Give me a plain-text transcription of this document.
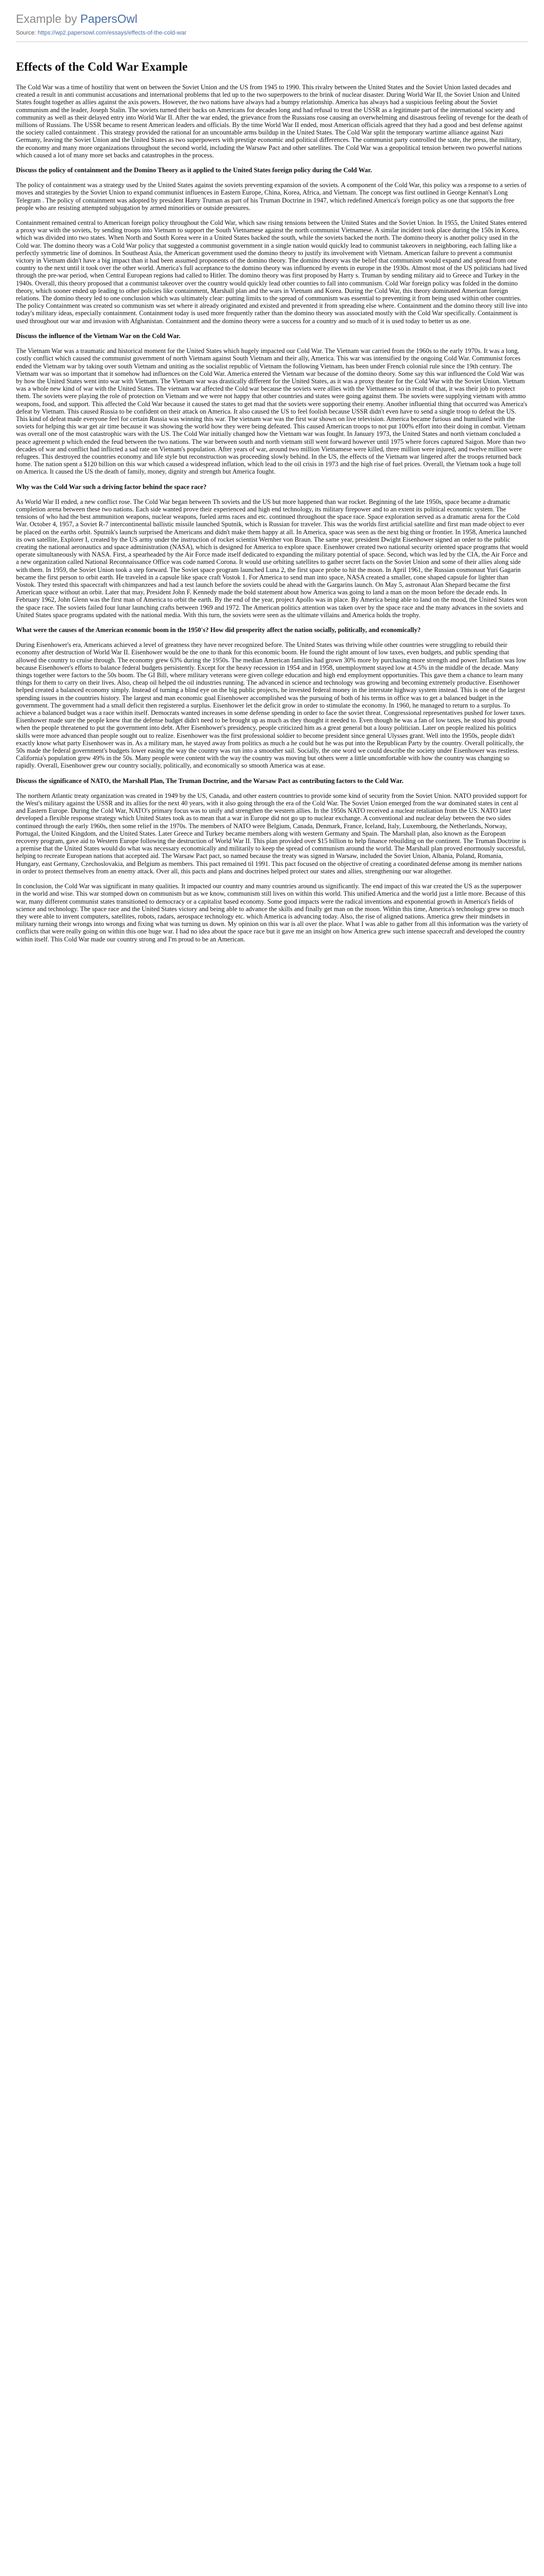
Example by PapersOwl
Source: https://wp2.papersowl.com/essays/effects-of-the-cold-war
Effects of the Cold War Example

The Cold War was a time of hostility that went on between the Soviet Union and the US from 1945 to 1990. This rivalry between the United States and the Soviet Union lasted decades and created a result in anti communist accusations and international problems that led up to the two superpowers to the brink of nuclear disaster. During World War II, the Soviet Union and United States fought together as allies against the axis powers. However, the two nations have always had a bumpy relationship. America has always had a suspicious feeling about the Soviet communism and the leader, Joseph Stalin. The soviets turned their backs on Americans for decades long and had refusal to treat the USSR as a legitimate part of the international society and community as well as their delayed entry into World War II. After the war ended, the grievance from the Russians rose causing an overwhelming and disastrous feeling of revenge for the death of millions of Russians. The USSR became to resent American leaders and officials. By the time World War II ended, most American officials agreed that they had a good and best defense against the society called containment . This strategy provided the rational for an uncountable arms buildup in the United States. The Cold War split the temporary wartime alliance against Nazi Germany, leaving the Soviet Union and the United States as two superpowers with prestige economic and political differences. The communist party controlled the state, the press, the military, the economy and many more organizations throughout the second world, including the Warsaw Pact and other satellites. The Cold War was a geopolitical tension between two powerful nations which caused a lot of many more set backs and catastrophes in the process.

Discuss the policy of containment and the Domino Theory as it applied to the United States foreign policy during the Cold War.

The policy of containment was a strategy used by the United States against the soviets preventing expansion of the soviets. A component of the Cold War, this policy was a response to a series of moves and strategies by the Soviet Union to expand communist influences in Eastern Europe, China, Korea, Africa, and Vietnam. The concept was first outlined in George Kennan's Long Telegram . The policy of containment was adopted by president Harry Truman as part of his Truman Doctrine in 1947, which redefined America's foreign policy as one that supports the free people who are resisting attempted subjugation by armed minorities or outside pressures.

Containment remained central to American foreign policy throughout the Cold War, which saw rising tensions between the United States and the Soviet Union. In 1955, the United States entered a proxy war with the soviets, by sending troops into Vietnam to support the South Vietnamese against the north communist Vietnamese. A similar incident took place during the 150s in Korea, which was divided into two states. When North and South Korea were in a United States backed the south, while the soviets backed the north. The domino theory is another policy used in the Cold war. The domino theory was a Cold War policy that suggested a communist government in a single nation would quickly lead to communist takeovers in neighboring, each falling like a perfectly symmetric line of dominos. In Southeast Asia, the American government used the domino theory to justify its involvement with Vietnam. American failure to prevent a communist victory in Vietnam didn't have a big impact than it had been assumed proponents of the domino theory. The domino theory was the belief that communism would expand and spread from one country to the next until it took over the other world. America's full acceptance to the domino theory was influenced by events in europe in the 1930s. Almost most of the US politicians had lived through the pre-war period, when Central European regions had called to Hitler. The domino theory was first proposed by Harry s. Truman by sending military aid to Greece and Turkey in the 1940s. Overall, this theory proposed that a communist takeover over the country would quickly lead other counties to fall into communism. Cold War foreign policy was folded in the domino theory, which sooner ended up leading to other policies like containment, Marshall plan and the wars in Vietnam and Korea. During the Cold War, this theory dominated American foreign relations. The domino theory led to one conclusion which was ultimately clear: putting limits to the spread of communism was essential to preventing it from being used within other countries. The policy Containment was created so communism was set where it already originated and existed and prevented it from spreading else where. Containment and the domino theory still live into today's military ideas, especially containment. Containment today is used more frequently rather than the domino theory was associated mostly with the Cold War specifically. Containment is used throughout our war and invasion with Afghanistan. Containment and the domino theory were a success for a country and so much of it is used today to better us as one.

Discuss the influence of the Vietnam War on the Cold War.

The Vietnam War was a traumatic and historical moment for the United States which hugely impacted our Cold War. The Vietnam war carried from the 1960s to the early 1970s. It was a long, costly conflict which caused the communist government of north Vietnam against South Vietnam and their ally, America. This war was intensified by the ongoing Cold War. Communist forces ended the Vietnam war by taking over south Vietnam and uniting as the socialist republic of Vietnam the following Vietnam, has been under French colonial rule since the 19th century. The Vietnam war was so important that it somehow had influences on the Cold War. America entered the Vietnam war because of the domino theory. Some say this war influenced the Cold War was by how the United States went into war with Vietnam. The Vietnam war was drastically different for the United States, as it was a proxy theater for the Cold War with the Soviet Union. Vietnam was a whole new kind of war with the United States. The vietnam war affected the Cold war because the soviets were allies with the Vietnamese so in result of that, it was their job to protect them. The soviets were playing the role of protection on Vietnam and we were not happy that other countries and states were going against them. The soviets were supplying vietnam with ammo weapons, food, and support. This affected the Cold War because it caused the states to get mad that the soviets were supporting their enemy. Another influential thing that occurred was America's defeat by Vietnam. This caused Russia to be confident on their attack on America. It also caused the US to feel foolish because USSR didn't even have to send a single troop to defeat the US. This kind of defeat made everyone feel for certain Russia was winning this war. The vietnam war was the first war shown on live television. America became furious and humiliated with the soviets for helping this war get air time because it was showing the world how they were being defeated. This caused American troops to not put 100% effort into their doing in combat. Vietnam was overall one of the most catastrophic wars with the US. The Cold War initially changed how the Vietnam war was fought. In January 1973, the United States and north vietnam concluded a peace agreement p which ended the feud between the two nations. The war between south and north vietnam still went forward however until 1975 where forces captured Saigon. More than two decades of war and conflict had inflicted a sad rate on Vietnam's population. After years of war, around two million Vietnamese were killed, three million were injured, and twelve million were refugees. This destroyed the countries economy and life style but reconstruction was proceeding slowly behind. In the US, the effects of the Vietnam war lingered after the troops returned back home. The nation spent a $120 billion on this war which caused a widespread inflation, which lead to the oil crisis in 1973 and the high rise of fuel prices. Overall, the Vietnam took a huge toll on America. It caused the US the death of family, money, dignity and strength but America fought.

Why was the Cold War such a driving factor behind the space race?

As World War II ended, a new conflict rose. The Cold War began between Th soviets and the US but more happened than war rocket. Beginning of the late 1950s, space became a dramatic completion arena between these two nations. Each side wanted prove their experienced and high end technology, its military firepower and to an extent its political economic system. The tensions of who had the best ammunition weapons, nuclear weapons, fueled arms races and etc. continued throughout the space race. Space exploration served as a dramatic arena for the Cold War. October 4, 1957, a Soviet R-7 intercontinental ballistic missile launched Sputnik, which is Russian for traveler. This was the worlds first artificial satellite and first man made object to ever be placed on the earths orbit. Sputnik's launch surprised the Americans and didn't make them happy at all. In America, space was seen as the next big thing or frontier. In 1958, America launched its own satellite, Explorer I, created by the US army under the instruction of rocket scientist Wernher von Braun. The same year, president Dwight Eisenhower signed an order to the public creating the national aeronautics and space administration (NASA), which is designed for America to explore space. Eisenhower created two national security oriented space programs that would operate simultaneously with NASA. First, a spearheaded by the Air Force made itself dedicated to expanding the military potential of space. Second, which was led by the CIA, the Air Force and a new organization called National Reconnaissance Office was code named Corona. It would use orbiting satellites to gather secret facts on the Soviet Union and some of their allies along side with them. In 1959, the Soviet Union took a step forward. The Soviet space program launched Luna 2, the first space probe to hit the moon. In April 1961, the Russian cosmonaut Yuri Gagarin became the first person to orbit earth. He traveled in a capsule like space craft Vostok 1. For America to send man into space, NASA created a smaller, cone shaped capsule for lighter than Vostok. They tested this spacecraft with chimpanzees and had a test launch before the soviets could be ahead with the Gargarins launch. On May 5, astronaut Alan Shepard became the first American space without an orbit. Later that may, President John F. Kennedy made the bold statement about how America was going to land a man on the moon before the decade ends. In February 1962, John Glenn was the first man of America to orbit the earth. By the end of the year, project Apollo was in place. By America being able to land on the mood, the United States won the space race. The soviets failed four lunar launching crafts between 1969 and 1972. The American politics attention was taken over by the space race and the many advances in the soviets and United States space programs updated with the national media. With this turn, the soviets were seen as the ultimate villains and America holds the trophy.

What were the causes of the American economic boom in the 1950's? How did prosperity affect the nation socially, politically, and economically?

During Eisenhower's era, Americans achieved a level of greatness they have never recognized before. The United States was thriving while other countries were struggling to rebuild their economy after destruction of World War II. Eisenhower would be the one to thank for this economic boom. He found the right amount of low taxes, even budgets, and public spending that allowed the country to cruise through. The economy grew 63% during the 1950s. The median American families had grown 30% more by purchasing more strength and power. Inflation was low because Eisenhower's efforts to balance federal budgets persistently. Except for the heavy recession in 1954 and in 1958, unemployment stayed low at 4.5% in the middle of the decade. Many things together were factors to the 50s boom. The GI Bill, where military veterans were given college education and high end employment opportunities. This gave them a chance to learn many things for them to carry on their lives. Also, cheap oil helped the oil industries running. The advanced in science and technology was growing and becoming extremely productive. Eisenhower helped created a balanced economy simply. Instead of turning a blind eye on the big public projects, he invested federal money in the interstate highway system instead. This is one of the largest spending issues in the countries history. The largest and man economic goal Eisenhower accomplished was the pursuing of both of his terms in office was to get a balanced budget in the government. The government had a small deficit then registered a surplus. Eisenhower let the deficit grow in order to stimulate the economy. In 1960, he managed to return to a surplus. To achieve a balanced budget was a race within itself. Democrats wanted increases in some defense spending in order to face the soviet threat. Congressional representatives pushed for lower taxes. Eisenhower made sure the people knew that the defense budget didn't need to be brought up as much as they thought it needed to. Even though he was a fan of low taxes, he stood his ground when the people threatened to put the government into debt. After Eisenhower's presidency, people criticized him as a great general but a lousy politician. Later on people realized his politics skills were more advanced than people sought out to realize. Eisenhower was the first professional soldier to become president since general Ulysses grant. Well into the 1950s, people didn't exactly know what party Eisenhower was in. As a military man, he stayed away from politics as much a he could but he was put into the Republican Party by the country. Overall politically, the 50s made the federal government's budgets lower easing the way the country was run into a smoother sail. Socially, the one word we could describe the society under Eisenhower was restless. California's population grew 49% in the 50s. Many people were content with the way the country was moving but others were a little uncomfortable with how the country was changing so rapidly. Overall, Eisenhower grew our country socially, politically, and economically so smooth America was at ease.

Discuss the significance of NATO, the Marshall Plan, The Truman Doctrine, and the Warsaw Pact as contributing factors to the Cold War.

The northern Atlantic treaty organization was created in 1949 by the US, Canada, and other eastern countries to provide some kind of security from the Soviet Union. NATO provided support for the West's military against the USSR and its allies for the next 40 years, with it also going through the era of the Cold War. The Soviet Union emerged from the war dominated states in cent al and Eastern Europe. During the Cold War, NATO's primary focus was to unify and strengthen the western allies. In the 1950s NATO received a nuclear retaliation from the US. NATO later developed a flexible response strategy which United States took as to mean that a war in Europe did not go up to nuclear exchange. A conventional and nuclear delay between the two sides continued through the early 1960s, then some relief in the 1970s. The members of NATO were Belgium, Canada, Denmark, France, Iceland, Italy, Luxembourg, the Netherlands, Norway, Portugal, the United Kingdom, and the United States. Later Greece and Turkey became members along with western Germany and Spain. The Marshall plan, also known as the European recovery program, gave aid to Western Europe following the destruction of World War II. This plan provided over $15 billion to help finance rebuilding on the continent. The Truman Doctrine is a premise that the United States would do what was necessary economically and militarily to keep the spread of communism around the world. The Marshall plan proved enormously successful, helping to recreate European nations that accepted aid. The Warsaw Pact pact, so named because the treaty was signed in Warsaw, included the Soviet Union, Albania, Poland, Romania, Hungary, east Germany, Czechoslovakia, and Belgium as members. This pact remained til 1991. This pact focused on the objective of creating a coordinated defense among its member nations in order to protect themselves from an enemy attack. Over all, this pacts and plans and doctrines helped protect our states and allies, strengthening our war altogether.

In conclusion, the Cold War was significant in many qualities. It impacted our country and many countries around us significantly. The end impact of this war created the US as the superpower in the world and wise. This war stomped down on communism but as we know, communism still lives on within this world. This unified America and the world just a little more. Because of this war, many different communist states transitioned to democracy or a capitalist based economy. Some good impacts were the radical inventions and exponential growth in America's fields of science and technology. The space race and the United States victory and being able to advance the skills and finally get man on the moon. Within this time, America's technology grew so much they were able to invent computers, satellites, robots, radars, aerospace technology etc. which America is advancing today. Also, the rise of aligned nations. America grew their mindsets in military turning their wrongs into wrongs and fixing what was turning us down. My opinion on this war is all over the place. What I was able to gather from all this information was the variety of conflicts that were really going on within this one huge war. I had no idea about the space race but it gave me an insight on how America grew such intense spacecraft and developed the country within itself. This Cold War made our country strong and I'm proud to be an American.
